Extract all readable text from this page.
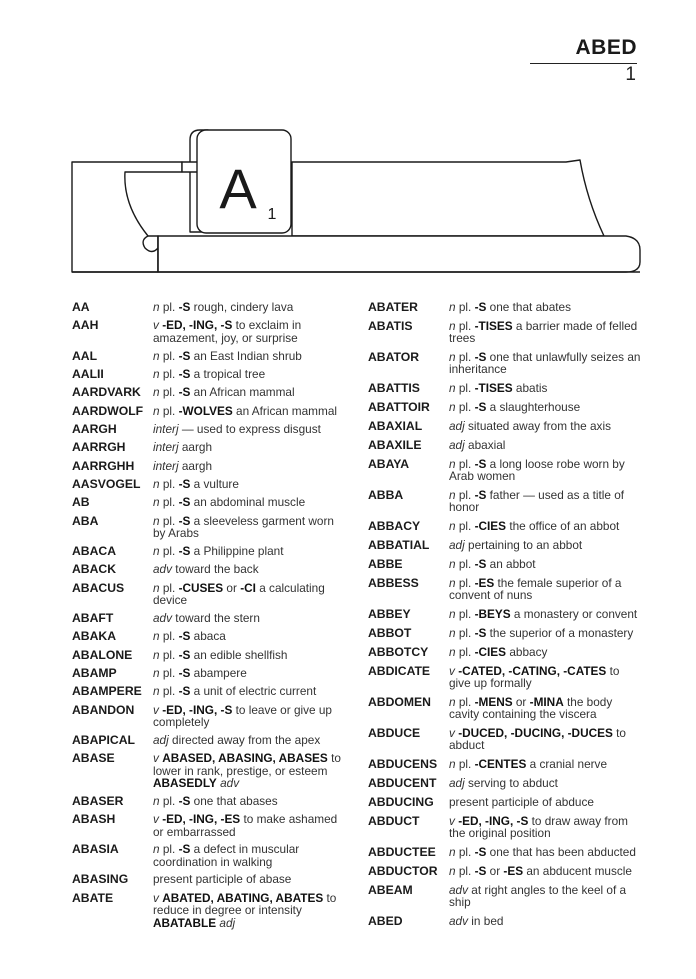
ABED
1
A 1
AA	n pl. -S rough, cindery lava
AAH	v -ED, -ING, -S to exclaim in amazement, joy, or surprise
AAL	n pl. -S an East Indian shrub
AALII	n pl. -S a tropical tree
AARDVARK	n pl. -S an African mammal
AARDWOLF n pl. -WOLVES an African mammal
AARGH	interj — used to express disgust
AARRGH	interj aargh
AARRGHH	interj aargh
AASVOGEL	n pl. -S a vulture
AB	n pl. -S an abdominal muscle
ABA	n pl. -S a sleeveless garment worn by Arabs
ABACA	n pl. -S a Philippine plant
ABACK	adv toward the back
ABACUS	n pl. -CUSES or -CI a calculating device
ABAFT	adv toward the stern
ABAKA	n pl. -S abaca
ABALONE	n pl. -S an edible shellfish
ABAMP	n pl. -S abampere
ABAMPERE n pl. -S a unit of electric current
ABANDON	v -ED, -ING, -S to leave or give up completely
ABAPICAL	adj directed away from the apex
ABASE	v ABASED, ABASING, ABASES to lower in rank, prestige, or esteem ABASEDLY adv
ABASER	n pl. -S one that abases
ABASH	v -ED, -ING, -ES to make ashamed or embarrassed
ABASIA	n pl. -S a defect in muscular coordination in walking
ABASING	present participle of abase
ABATE	v ABATED, ABATING, ABATES to reduce in degree or intensity ABATABLE adj
ABATER	n pl. -S one that abates
ABATIS	n pl. -TISES a barrier made of felled trees
ABATOR	n pl. -S one that unlawfully seizes an inheritance
ABATTIS	n pl. -TISES abatis
ABATTOIR	n pl. -S a slaughterhouse
ABAXIAL	adj situated away from the axis
ABAXILE	adj abaxial
ABAYA	n pl. -S a long loose robe worn by Arab women
ABBA	n pl. -S father — used as a title of honor
ABBACY	n pl. -CIES the office of an abbot
ABBATIAL	adj pertaining to an abbot
ABBE	n pl. -S an abbot
ABBESS	n pl. -ES the female superior of a convent of nuns
ABBEY	n pl. -BEYS a monastery or convent
ABBOT	n pl. -S the superior of a monastery
ABBOTCY	n pl. -CIES abbacy
ABDICATE	v -CATED, -CATING, -CATES to give up formally
ABDOMEN	n pl. -MENS or -MINA the body cavity containing the viscera
ABDUCE	v -DUCED, -DUCING, -DUCES to abduct
ABDUCENS	n pl. -CENTES a cranial nerve
ABDUCENT	adj serving to abduct
ABDUCING	present participle of abduce
ABDUCT	v -ED, -ING, -S to draw away from the original position
ABDUCTEE	n pl. -S one that has been abducted
ABDUCTOR n pl. -S or -ES an abducent muscle
ABEAM	adv at right angles to the keel of a ship
ABED	adv in bed
